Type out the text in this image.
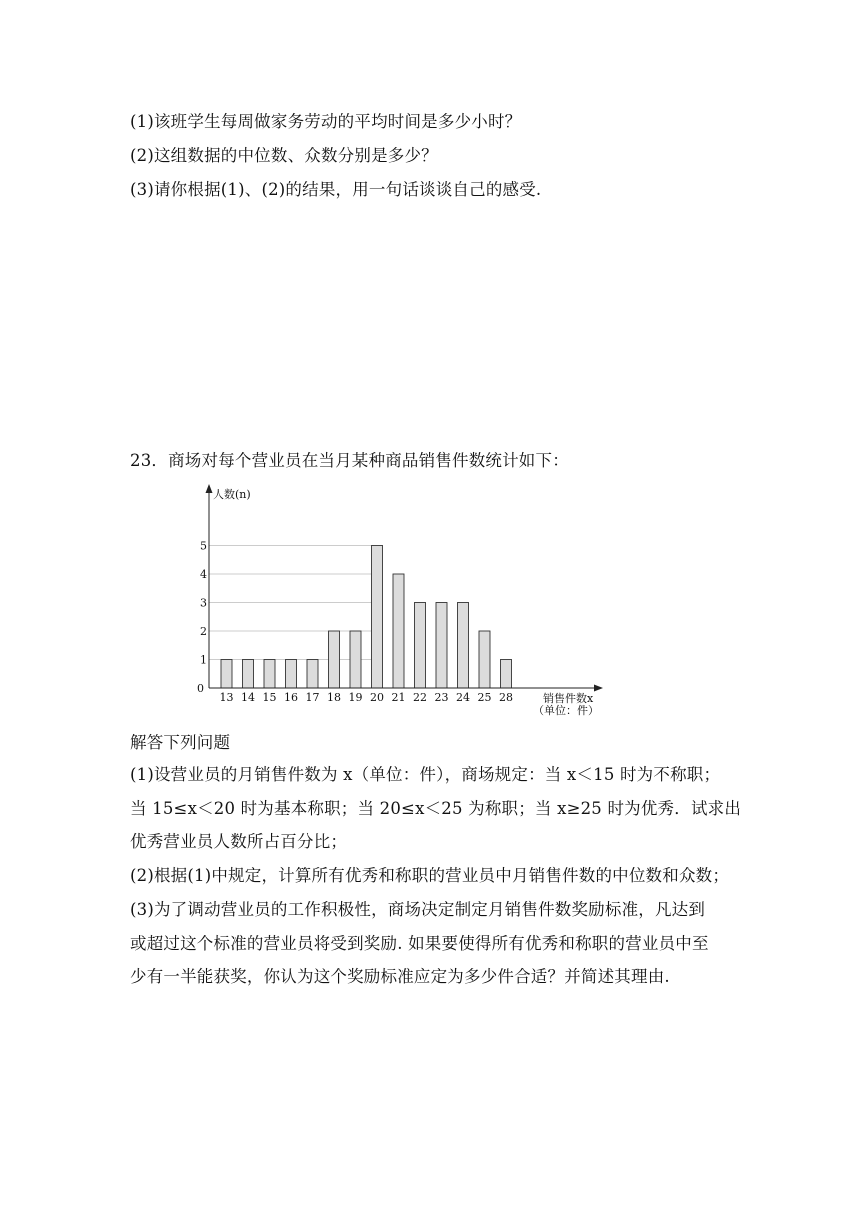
(1)该班学生每周做家务劳动的平均时间是多少小时？
(2)这组数据的中位数、众数分别是多少？
(3)请你根据(1)、(2)的结果，用一句话谈谈自己的感受.
23．商场对每个营业员在当月某种商品销售件数统计如下：
0
1
2
3
4
5
13 14 15 16 17 18 19 20 21 22 23 24 25 28
人数(n)
销售件数x
（单位：件）
解答下列问题
(1)设营业员的月销售件数为 x（单位：件），商场规定：当 x＜15 时为不称职；
当 15≤x＜20 时为基本称职；当 20≤x＜25 为称职；当 x≥25 时为优秀．试求出
优秀营业员人数所占百分比；
(2)根据(1)中规定，计算所有优秀和称职的营业员中月销售件数的中位数和众数；
(3)为了调动营业员的工作积极性，商场决定制定月销售件数奖励标准，凡达到
或超过这个标准的营业员将受到奖励. 如果要使得所有优秀和称职的营业员中至
少有一半能获奖，你认为这个奖励标准应定为多少件合适？并简述其理由.
